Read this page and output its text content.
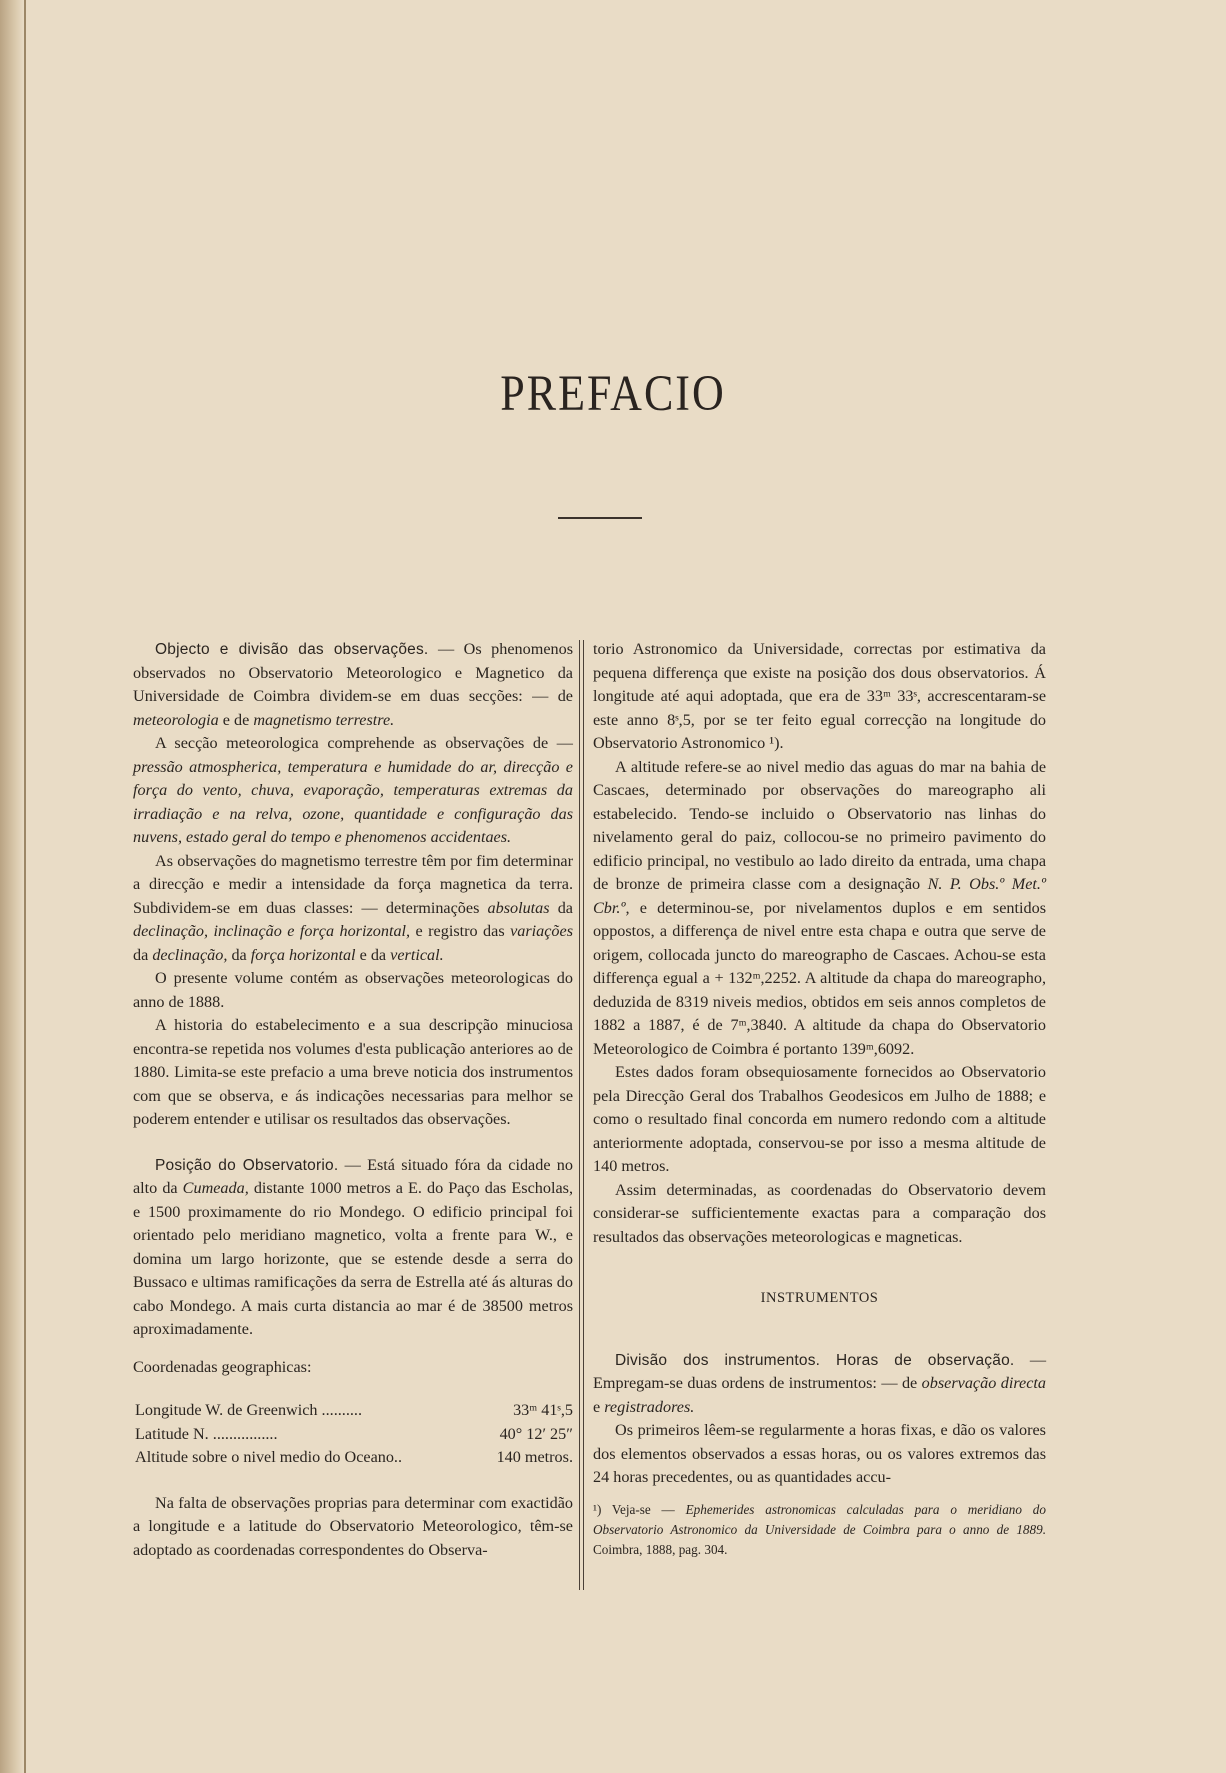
PREFACIO

Objecto e divisão das observações. — Os phenomenos observados no Observatorio Meteorologico e Magnetico da Universidade de Coimbra dividem-se em duas secções: — de meteorologia e de magnetismo terrestre.

A secção meteorologica comprehende as observações de — pressão atmospherica, temperatura e humidade do ar, direcção e força do vento, chuva, evaporação, temperaturas extremas da irradiação e na relva, ozone, quantidade e configuração das nuvens, estado geral do tempo e phenomenos accidentaes.

As observações do magnetismo terrestre têm por fim determinar a direcção e medir a intensidade da força magnetica da terra. Subdividem-se em duas classes: — determinações absolutas da declinação, inclinação e força horizontal, e registro das variações da declinação, da força horizontal e da vertical.

O presente volume contém as observações meteorologicas do anno de 1888.

A historia do estabelecimento e a sua descripção minuciosa encontra-se repetida nos volumes d'esta publicação anteriores ao de 1880. Limita-se este prefacio a uma breve noticia dos instrumentos com que se observa, e ás indicações necessarias para melhor se poderem entender e utilisar os resultados das observações.

Posição do Observatorio. — Está situado fóra da cidade no alto da Cumeada, distante 1000 metros a E. do Paço das Escholas, e 1500 proximamente do rio Mondego. O edificio principal foi orientado pelo meridiano magnetico, volta a frente para W., e domina um largo horizonte, que se estende desde a serra do Bussaco e ultimas ramificações da serra de Estrella até ás alturas do cabo Mondego. A mais curta distancia ao mar é de 38500 metros aproximadamente.

Coordenadas geographicas:

Longitude W. de Greenwich ..........	33ᵐ 41ˢ,5
Latitude N. ................	40° 12′ 25″
Altitude sobre o nivel medio do Oceano..	140 metros.

Na falta de observações proprias para determinar com exactidão a longitude e a latitude do Observatorio Meteorologico, têm-se adoptado as coordenadas correspondentes do Observa-

torio Astronomico da Universidade, correctas por estimativa da pequena differença que existe na posição dos dous observatorios. Á longitude até aqui adoptada, que era de 33ᵐ 33ˢ, accrescentaram-se este anno 8ˢ,5, por se ter feito egual correcção na longitude do Observatorio Astronomico ¹).

A altitude refere-se ao nivel medio das aguas do mar na bahia de Cascaes, determinado por observações do mareographo ali estabelecido. Tendo-se incluido o Observatorio nas linhas do nivelamento geral do paiz, collocou-se no primeiro pavimento do edificio principal, no vestibulo ao lado direito da entrada, uma chapa de bronze de primeira classe com a designação N. P. Obs.º Met.º Cbr.º, e determinou-se, por nivelamentos duplos e em sentidos oppostos, a differença de nivel entre esta chapa e outra que serve de origem, collocada juncto do mareographo de Cascaes. Achou-se esta differença egual a + 132ᵐ,2252. A altitude da chapa do mareographo, deduzida de 8319 niveis medios, obtidos em seis annos completos de 1882 a 1887, é de 7ᵐ,3840. A altitude da chapa do Observatorio Meteorologico de Coimbra é portanto 139ᵐ,6092.

Estes dados foram obsequiosamente fornecidos ao Observatorio pela Direcção Geral dos Trabalhos Geodesicos em Julho de 1888; e como o resultado final concorda em numero redondo com a altitude anteriormente adoptada, conservou-se por isso a mesma altitude de 140 metros.

Assim determinadas, as coordenadas do Observatorio devem considerar-se sufficientemente exactas para a comparação dos resultados das observações meteorologicas e magneticas.

INSTRUMENTOS

Divisão dos instrumentos. Horas de observação. — Empregam-se duas ordens de instrumentos: — de observação directa e registradores.

Os primeiros lêem-se regularmente a horas fixas, e dão os valores dos elementos observados a essas horas, ou os valores extremos das 24 horas precedentes, ou as quantidades accu-

¹) Veja-se — Ephemerides astronomicas calculadas para o meridiano do Observatorio Astronomico da Universidade de Coimbra para o anno de 1889. Coimbra, 1888, pag. 304.
